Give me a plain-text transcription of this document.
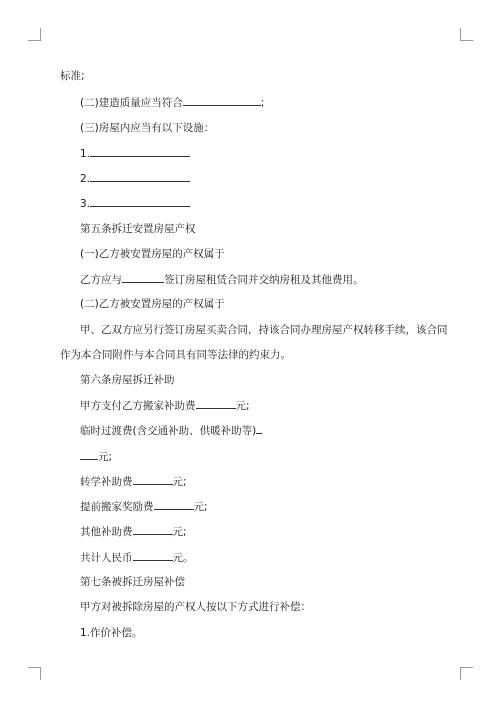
标准;
(二)建造质量应当符合	;
(三)房屋内应当有以下设施：
1.
2.
3.
第五条拆迁安置房屋产权
(一)乙方被安置房屋的产权属于
乙方应与	签订房屋租赁合同并交纳房租及其他费用。
(二)乙方被安置房屋的产权属于
甲、乙双方应另行签订房屋买卖合同，持该合同办理房屋产权转移手续，该合同
作为本合同附件与本合同具有同等法律的约束力。
第六条房屋拆迁补助
甲方支付乙方搬家补助费	元;
临时过渡费(含交通补助、供暖补助等)
元;
转学补助费	元;
提前搬家奖励费	元;
其他补助费	元;
共计人民币	元。
第七条被拆迁房屋补偿
甲方对被拆除房屋的产权人按以下方式进行补偿：
1.作价补偿。
